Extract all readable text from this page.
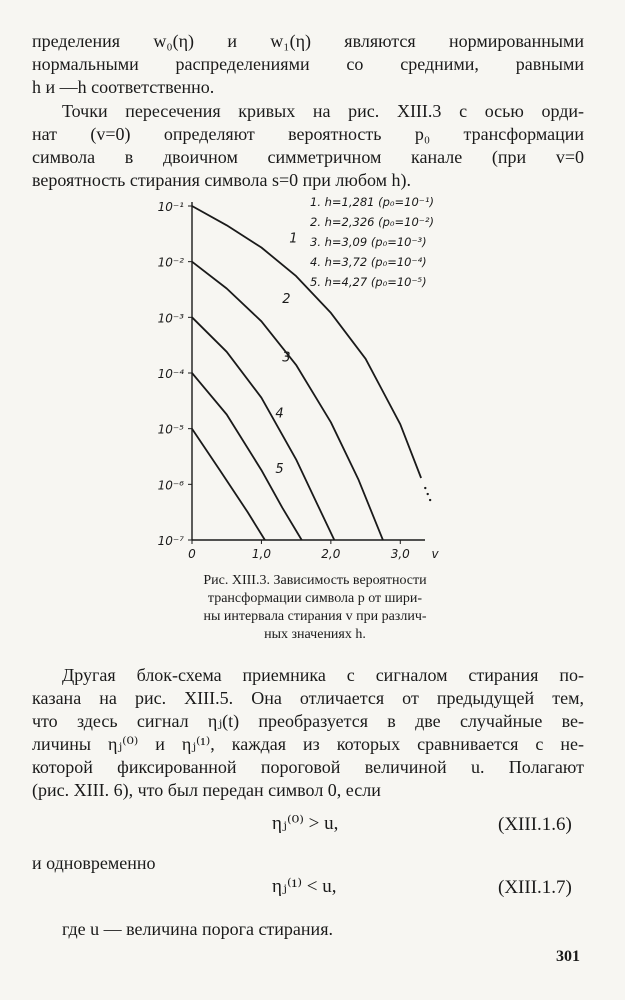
пределения w₀(η) и w₁(η) являются нормированными
нормальными распределениями со средними, равными
h и —h соответственно.

Точки пересечения кривых на рис. XIII.3 с осью орди-
нат (v=0) определяют вероятность p₀ трансформации
символа в двоичном симметричном канале (при v=0
вероятность стирания символа s=0 при любом h).

10⁻⁷
10⁻⁶
10⁻⁵
10⁻⁴
10⁻³
10⁻²
10⁻¹
0	1,0	2,0	3,0 v
1
2
3
4
5
1. h=1,281 (p₀=10⁻¹)
2. h=2,326 (p₀=10⁻²)
3. h=3,09 (p₀=10⁻³)
4. h=3,72 (p₀=10⁻⁴)
5. h=4,27 (p₀=10⁻⁵)

Рис. XIII.3. Зависимость вероятности
трансформации символа p от шири-
ны интервала стирания v при различ-
ных значениях h.

Другая блок-схема приемника с сигналом стирания по-
казана на рис. XIII.5. Она отличается от предыдущей тем,
что здесь сигнал ηⱼ(t) преобразуется в две случайные ве-
личины ηⱼ⁽⁰⁾ и ηⱼ⁽¹⁾, каждая из которых сравнивается с не-
которой фиксированной пороговой величиной u. Полагают
(рис. XIII. 6), что был передан символ 0, если

ηⱼ⁽⁰⁾ > u,	(XIII.1.6)

и одновременно

ηⱼ⁽¹⁾ < u,	(XIII.1.7)

где u — величина порога стирания.

301
